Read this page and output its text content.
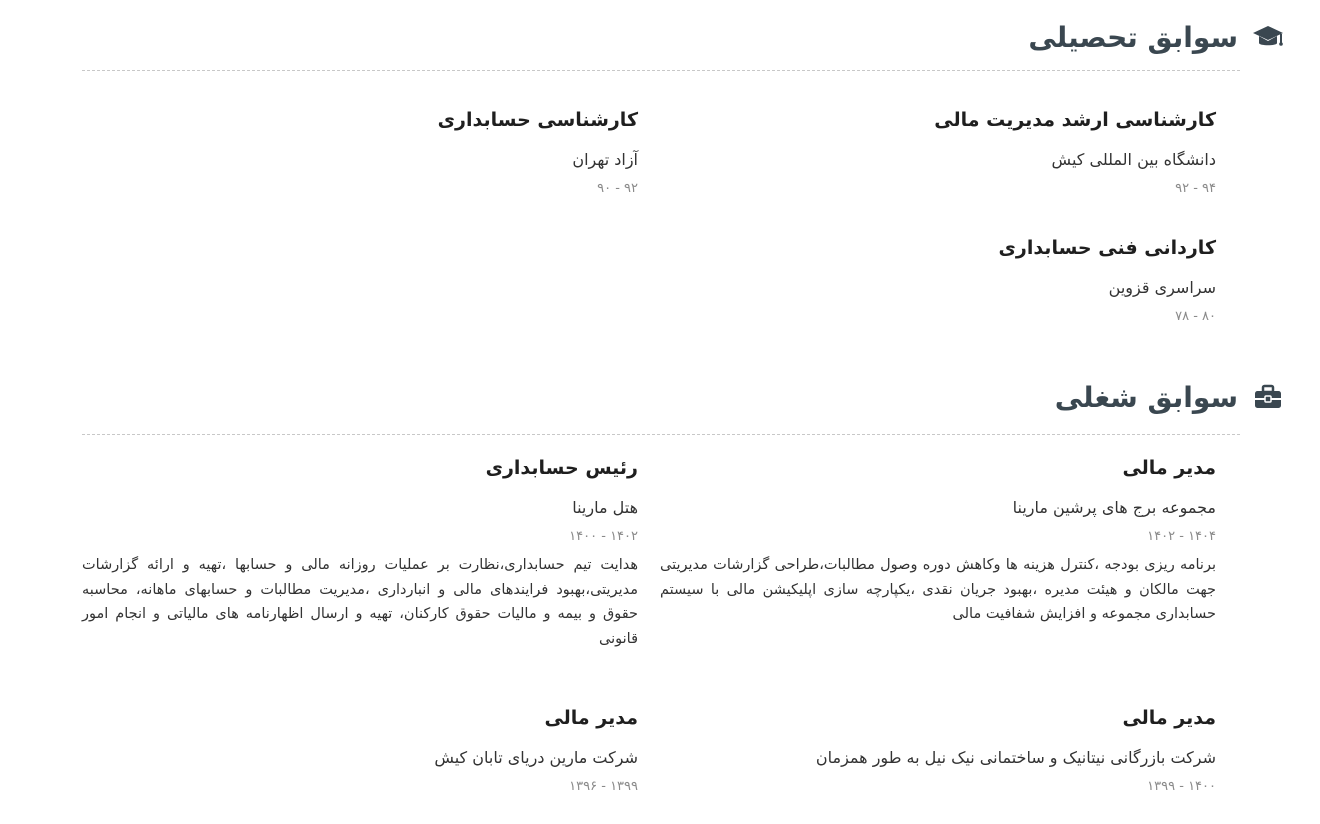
سوابق تحصیلی
کارشناسی ارشد مدیریت مالی
دانشگاه بین المللی کیش
۹۴ - ۹۲
کاردانی فنی حسابداری
سراسری قزوین
۸۰ - ۷۸
کارشناسی حسابداری
آزاد تهران
۹۲ - ۹۰
سوابق شغلی
مدیر مالی
مجموعه برج های پرشین مارینا
۱۴۰۴ - ۱۴۰۲
برنامه ریزی بودجه ،کنترل هزینه ها وکاهش دوره وصول مطالبات،طراحی گزارشات مدیریتی جهت مالکان و هیئت مدیره ،بهبود جریان نقدی ،یکپارچه سازی اپلیکیشن مالی با سیستم حسابداری مجموعه و افزایش شفافیت مالی
مدیر مالی
شرکت بازرگانی نیتانیک و ساختمانی نیک نیل به طور همزمان
۱۴۰۰ - ۱۳۹۹
رئیس حسابداری
هتل مارینا
۱۴۰۲ - ۱۴۰۰
هدایت تیم حسابداری،نظارت بر عملیات روزانه مالی و حسابها ،تهیه و ارائه گزارشات مدیریتی،بهبود فرایندهای مالی و انبارداری ،مدیریت مطالبات و حسابهای ماهانه، محاسبه حقوق و بیمه و مالیات حقوق کارکنان، تهیه و ارسال اظهارنامه های مالیاتی و انجام امور قانونی
مدیر مالی
شرکت مارین دریای تابان کیش
۱۳۹۹ - ۱۳۹۶
